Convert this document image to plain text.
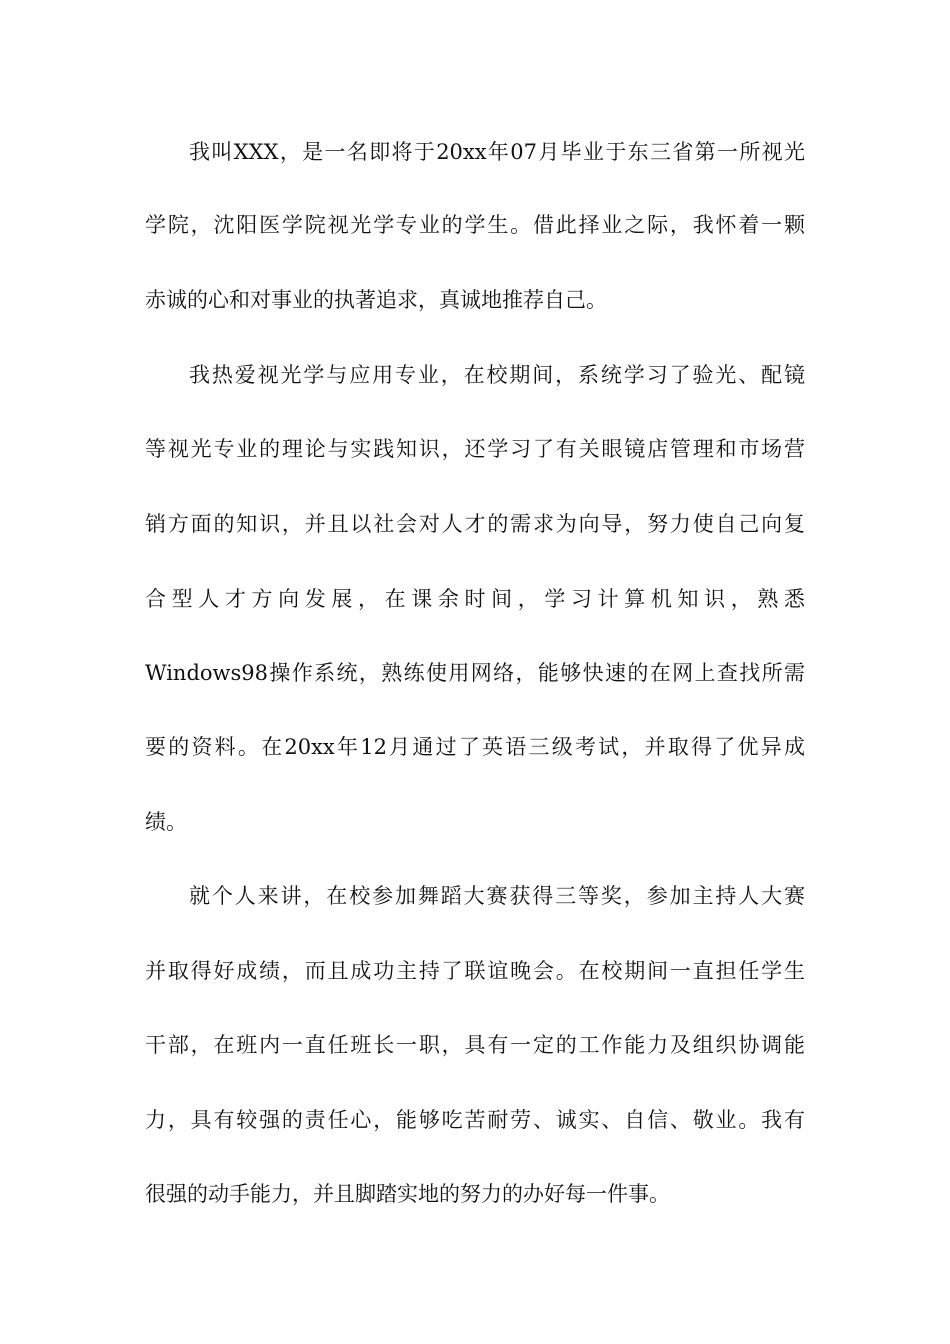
我叫XXX，是一名即将于20xx年07月毕业于东三省第一所视光
学院，沈阳医学院视光学专业的学生。借此择业之际，我怀着一颗
赤诚的心和对事业的执著追求，真诚地推荐自己。
我热爱视光学与应用专业，在校期间，系统学习了验光、配镜
等视光专业的理论与实践知识，还学习了有关眼镜店管理和市场营
销方面的知识，并且以社会对人才的需求为向导，努力使自己向复
合型人才方向发展，在课余时间，学习计算机知识，熟悉
Windows98操作系统，熟练使用网络，能够快速的在网上查找所需
要的资料。在20xx年12月通过了英语三级考试，并取得了优异成
绩。
就个人来讲，在校参加舞蹈大赛获得三等奖，参加主持人大赛
并取得好成绩，而且成功主持了联谊晚会。在校期间一直担任学生
干部，在班内一直任班长一职，具有一定的工作能力及组织协调能
力，具有较强的责任心，能够吃苦耐劳、诚实、自信、敬业。我有
很强的动手能力，并且脚踏实地的努力的办好每一件事。
